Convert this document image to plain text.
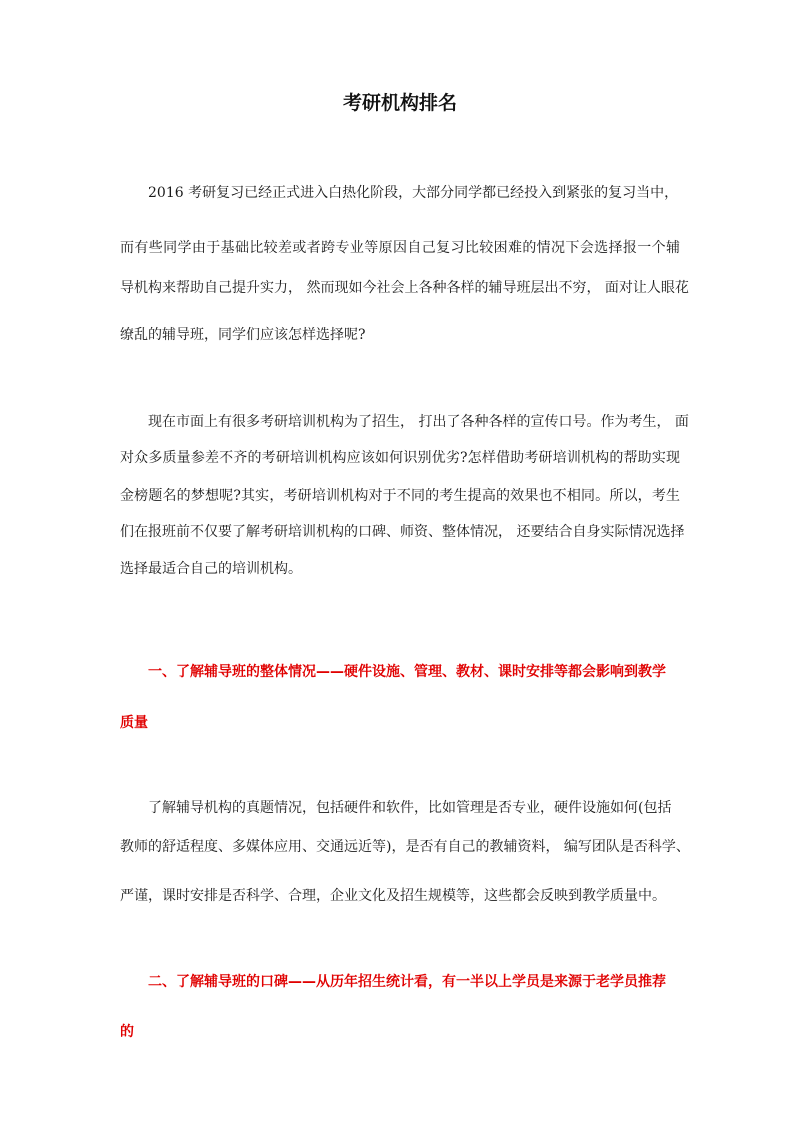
考研机构排名
2016 考研复习已经正式进入白热化阶段，大部分同学都已经投入到紧张的复习当中，
而有些同学由于基础比较差或者跨专业等原因自己复习比较困难的情况下会选择报一个辅
导机构来帮助自己提升实力， 然而现如今社会上各种各样的辅导班层出不穷， 面对让人眼花
缭乱的辅导班，同学们应该怎样选择呢?
现在市面上有很多考研培训机构为了招生， 打出了各种各样的宣传口号。作为考生， 面
对众多质量参差不齐的考研培训机构应该如何识别优劣?怎样借助考研培训机构的帮助实现
金榜题名的梦想呢?其实，考研培训机构对于不同的考生提高的效果也不相同。所以，考生
们在报班前不仅要了解考研培训机构的口碑、师资、整体情况， 还要结合自身实际情况选择
选择最适合自己的培训机构。
一、了解辅导班的整体情况——硬件设施、管理、教材、课时安排等都会影响到教学
质量
了解辅导机构的真题情况，包括硬件和软件，比如管理是否专业，硬件设施如何(包括
教师的舒适程度、多媒体应用、交通远近等)，是否有自己的教辅资料， 编写团队是否科学、
严谨，课时安排是否科学、合理，企业文化及招生规模等，这些都会反映到教学质量中。
二、了解辅导班的口碑——从历年招生统计看，有一半以上学员是来源于老学员推荐
的
